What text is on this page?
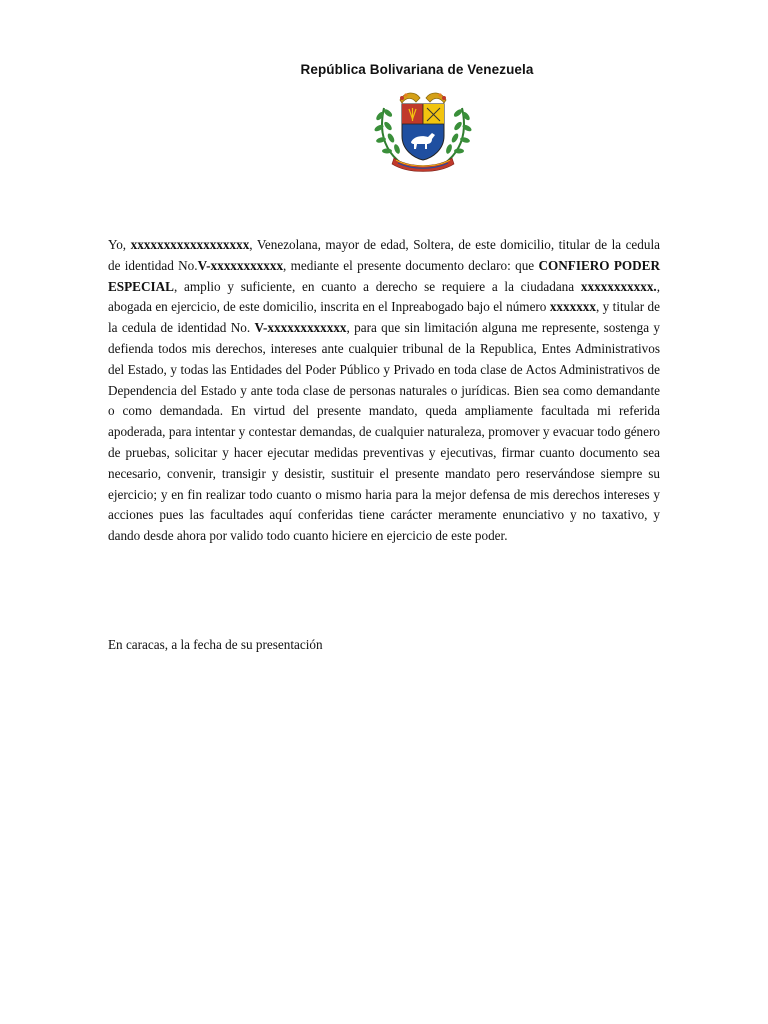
República Bolivariana de Venezuela

Yo, xxxxxxxxxxxxxxxxxx, Venezolana, mayor de edad, Soltera, de este domicilio, titular de la cedula de identidad No.V-xxxxxxxxxxx, mediante el presente documento declaro: que CONFIERO PODER ESPECIAL, amplio y suficiente, en cuanto a derecho se requiere a la ciudadana xxxxxxxxxxx., abogada en ejercicio, de este domicilio, inscrita en el Inpreabogado bajo el número xxxxxxx, y titular de la cedula de identidad No. V-xxxxxxxxxxxx, para que sin limitación alguna me represente, sostenga y defienda todos mis derechos, intereses ante cualquier tribunal de la Republica, Entes Administrativos del Estado, y todas las Entidades del Poder Público y Privado en toda clase de Actos Administrativos de Dependencia del Estado y ante toda clase de personas naturales o jurídicas. Bien sea como demandante o como demandada. En virtud del presente mandato, queda ampliamente facultada mi referida apoderada, para intentar y contestar demandas, de cualquier naturaleza, promover y evacuar todo género de pruebas, solicitar y hacer ejecutar medidas preventivas y ejecutivas, firmar cuanto documento sea necesario, convenir, transigir y desistir, sustituir el presente mandato pero reservándose siempre su ejercicio; y en fin realizar todo cuanto o mismo haria para la mejor defensa de mis derechos intereses y acciones pues las facultades aquí conferidas tiene carácter meramente enunciativo y no taxativo, y dando desde ahora por valido todo cuanto hiciere en ejercicio de este poder.

En caracas, a la fecha de su presentación
